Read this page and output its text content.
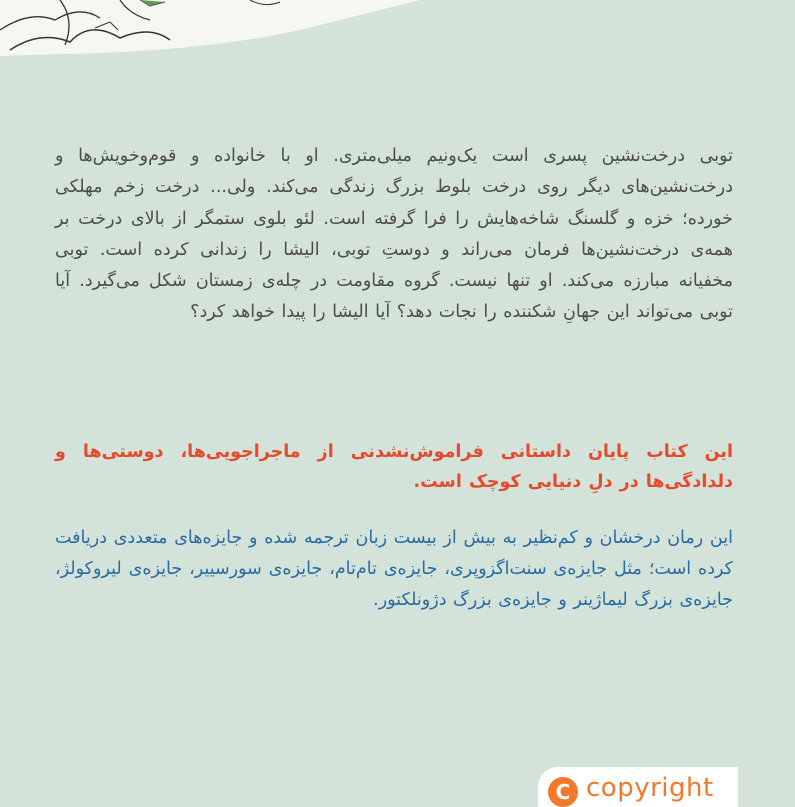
توبی درخت‌نشین پسری است یک‌ونیم میلی‌متری. او با خانواده و قوم‌وخویش‌ها و درخت‌نشین‌های دیگر روی درخت بلوط بزرگ زندگی می‌کند. ولی... درخت زخم مهلکی خورده؛ خزه و گلسنگ شاخه‌هایش را فرا گرفته است. لئو بلوی ستمگر از بالای درخت بر همه‌ی درخت‌نشین‌ها فرمان می‌راند و دوستِ توبی، الیشا را زندانی کرده است. توبی مخفیانه مبارزه می‌کند. او تنها نیست. گروه مقاومت در چله‌ی زمستان شکل می‌گیرد. آیا توبی می‌تواند این جهانِ شکننده را نجات دهد؟ آیا الیشا را پیدا خواهد کرد؟

این کتاب پایان داستانی فراموش‌نشدنی از ماجراجویی‌ها، دوستی‌ها و دلدادگی‌ها در دلِ دنیایی کوچک است.

این رمان درخشان و کم‌نظیر به بیش از بیست زبان ترجمه شده و جایزه‌های متعددی دریافت کرده است؛ مثل جایزه‌ی سنت‌اگزوپری، جایزه‌ی تام‌تام، جایزه‌ی سورسییر، جایزه‌ی لیروکولژ، جایزه‌ی بزرگ لیماژینر و جایزه‌ی بزرگ دژونلکتور.

C copyright
